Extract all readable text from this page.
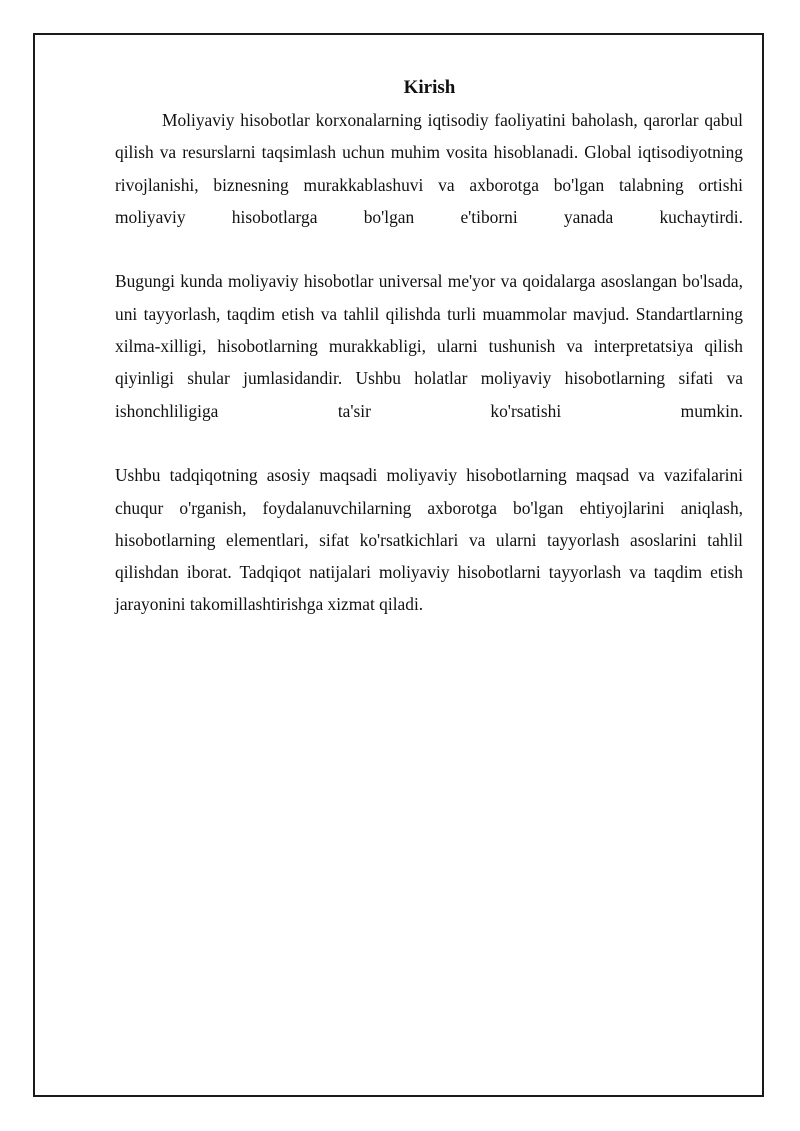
Kirish

Moliyaviy hisobotlar korxonalarning iqtisodiy faoliyatini baholash, qarorlar qabul qilish va resurslarni taqsimlash uchun muhim vosita hisoblanadi. Global iqtisodiyotning rivojlanishi, biznesning murakkablashuvi va axborotga bo'lgan talabning ortishi moliyaviy hisobotlarga bo'lgan e'tiborni yanada kuchaytirdi.

Bugungi kunda moliyaviy hisobotlar universal me'yor va qoidalarga asoslangan bo'lsada, uni tayyorlash, taqdim etish va tahlil qilishda turli muammolar mavjud. Standartlarning xilma-xilligi, hisobotlarning murakkabligi, ularni tushunish va interpretatsiya qilish qiyinligi shular jumlasidandir. Ushbu holatlar moliyaviy hisobotlarning sifati va ishonchliligiga ta'sir ko'rsatishi mumkin.

Ushbu tadqiqotning asosiy maqsadi moliyaviy hisobotlarning maqsad va vazifalarini chuqur o'rganish, foydalanuvchilarning axborotga bo'lgan ehtiyojlarini aniqlash, hisobotlarning elementlari, sifat ko'rsatkichlari va ularni tayyorlash asoslarini tahlil qilishdan iborat. Tadqiqot natijalari moliyaviy hisobotlarni tayyorlash va taqdim etish jarayonini takomillashtirishga xizmat qiladi.
